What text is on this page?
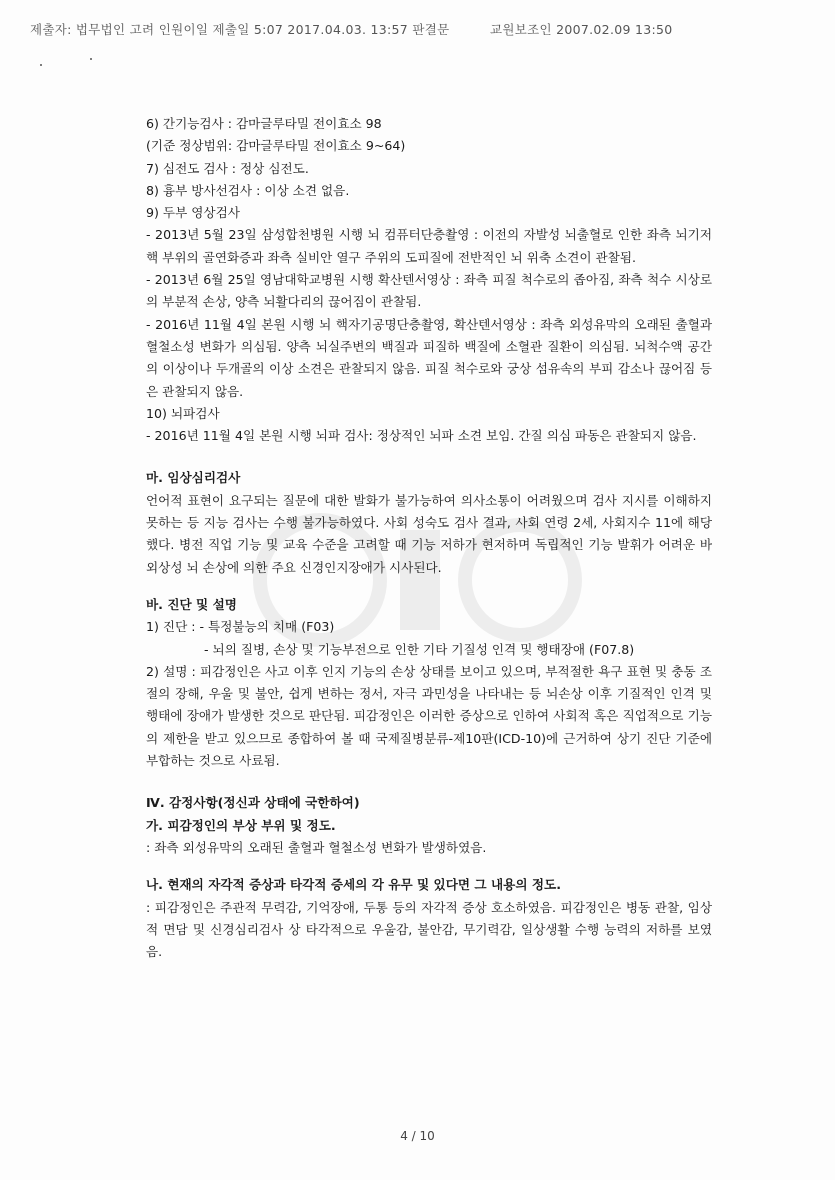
제출자: 법무법인 고려 인원이일 제출일 5:07 2017.04.03. 13:57 판결문	교원보조인 2007.02.09 13:50
6) 간기능검사 : 감마글루타밀 전이효소 98
(기준 정상범위: 감마글루타밀 전이효소 9~64)
7) 심전도 검사 : 정상 심전도.
8) 흉부 방사선검사 : 이상 소견 없음.
9) 두부 영상검사
- 2013년 5월 23일 삼성합천병원 시행 뇌 컴퓨터단층촬영 : 이전의 자발성 뇌출혈로 인한 좌측 뇌기저핵 부위의 골연화증과 좌측 실비안 열구 주위의 도피질에 전반적인 뇌 위축 소견이 관찰됨.
- 2013년 6월 25일 영남대학교병원 시행 확산텐서영상 : 좌측 피질 척수로의 좁아짐, 좌측 척수 시상로의 부분적 손상, 양측 뇌활다리의 끊어짐이 관찰됨.
- 2016년 11월 4일 본원 시행 뇌 핵자기공명단층촬영, 확산텐서영상 : 좌측 외성유막의 오래된 출혈과 혈철소성 변화가 의심됨. 양측 뇌실주변의 백질과 피질하 백질에 소혈관 질환이 의심됨. 뇌척수액 공간의 이상이나 두개골의 이상 소견은 관찰되지 않음. 피질 척수로와 궁상 섬유속의 부피 감소나 끊어짐 등은 관찰되지 않음.
10) 뇌파검사
- 2016년 11월 4일 본원 시행 뇌파 검사: 정상적인 뇌파 소견 보임. 간질 의심 파동은 관찰되지 않음.
마. 임상심리검사
언어적 표현이 요구되는 질문에 대한 발화가 불가능하여 의사소통이 어려웠으며 검사 지시를 이해하지 못하는 등 지능 검사는 수행 불가능하였다. 사회 성숙도 검사 결과, 사회 연령 2세, 사회지수 11에 해당했다. 병전 직업 기능 및 교육 수준을 고려할 때 기능 저하가 현저하며 독립적인 기능 발휘가 어려운 바 외상성 뇌 손상에 의한 주요 신경인지장애가 시사된다.
바. 진단 및 설명
1) 진단 : - 특정불능의 치매 (F03)
- 뇌의 질병, 손상 및 기능부전으로 인한 기타 기질성 인격 및 행태장애 (F07.8)
2) 설명 : 피감정인은 사고 이후 인지 기능의 손상 상태를 보이고 있으며, 부적절한 욕구 표현 및 충동 조절의 장해, 우울 및 불안, 쉽게 변하는 정서, 자극 과민성을 나타내는 등 뇌손상 이후 기질적인 인격 및 행태에 장애가 발생한 것으로 판단됨. 피감정인은 이러한 증상으로 인하여 사회적 혹은 직업적으로 기능의 제한을 받고 있으므로 종합하여 볼 때 국제질병분류-제10판(ICD-10)에 근거하여 상기 진단 기준에 부합하는 것으로 사료됨.
Ⅳ. 감정사항(정신과 상태에 국한하여)
가. 피감정인의 부상 부위 및 정도.
: 좌측 외성유막의 오래된 출혈과 혈철소성 변화가 발생하였음.
나. 현재의 자각적 증상과 타각적 증세의 각 유무 및 있다면 그 내용의 정도.
: 피감정인은 주관적 무력감, 기억장애, 두통 등의 자각적 증상 호소하였음. 피감정인은 병동 관찰, 임상적 면담 및 신경심리검사 상 타각적으로 우울감, 불안감, 무기력감, 일상생활 수행 능력의 저하를 보였음.
4 / 10
